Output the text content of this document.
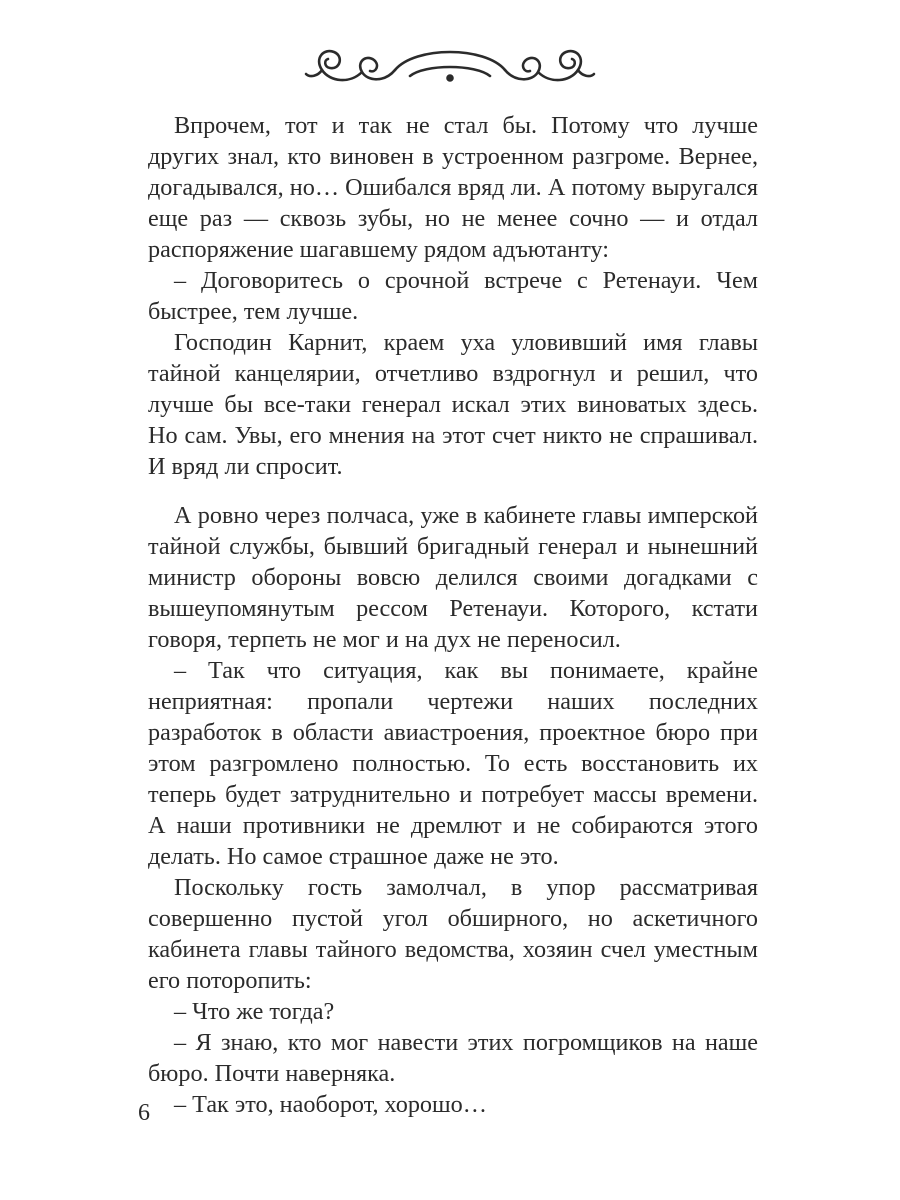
Впрочем, тот и так не стал бы. Потому что лучше других знал, кто виновен в устроенном разгроме. Вернее, догадывался, но… Ошибался вряд ли. А потому выругался еще раз — сквозь зубы, но не менее сочно — и отдал распоряжение шагавшему рядом адъютанту:

– Договоритесь о срочной встрече с Ретенауи. Чем быстрее, тем лучше.

Господин Карнит, краем уха уловивший имя главы тайной канцелярии, отчетливо вздрогнул и решил, что лучше бы все-таки генерал искал этих виноватых здесь. Но сам. Увы, его мнения на этот счет никто не спрашивал. И вряд ли спросит.

А ровно через полчаса, уже в кабинете главы имперской тайной службы, бывший бригадный генерал и нынешний министр обороны вовсю делился своими догадками с вышеупомянутым рессом Ретенауи. Которого, кстати говоря, терпеть не мог и на дух не переносил.

– Так что ситуация, как вы понимаете, крайне неприятная: пропали чертежи наших последних разработок в области авиастроения, проектное бюро при этом разгромлено полностью. То есть восстановить их теперь будет затруднительно и потребует массы времени. А наши противники не дремлют и не собираются этого делать. Но самое страшное даже не это.

Поскольку гость замолчал, в упор рассматривая совершенно пустой угол обширного, но аскетичного кабинета главы тайного ведомства, хозяин счел уместным его поторопить:

– Что же тогда?

– Я знаю, кто мог навести этих погромщиков на наше бюро. Почти наверняка.

– Так это, наоборот, хорошо…

6
